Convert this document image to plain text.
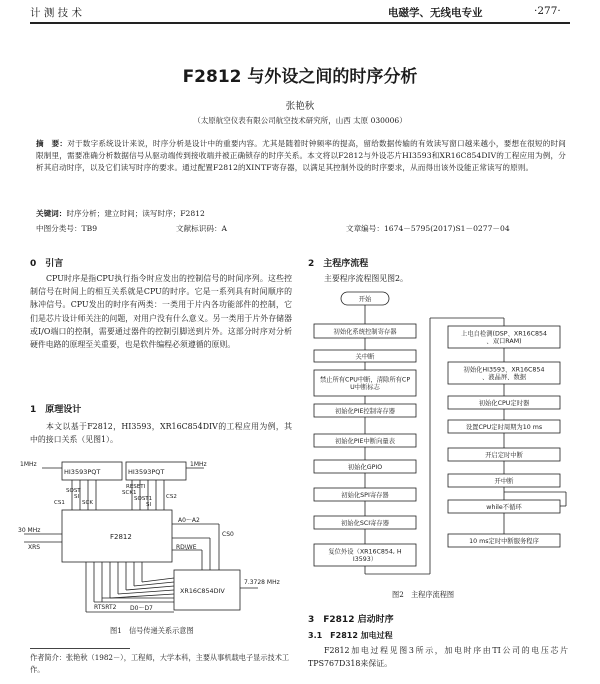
计 测 技 术	电磁学、无线电专业	·277·
F2812 与外设之间的时序分析
张艳秋
（太原航空仪表有限公司航空技术研究所，山西 太原 030006）
摘　要：对于数字系统设计来说，时序分析是设计中的重要内容。尤其是随着时钟频率的提高，留给数据传输的有效读写窗口越来越小，要想在很短的时间限制里，需要准确分析数据信号从驱动端传到接收端并被正确锁存的时序关系。本文将以F2812与外设芯片HI3593和XR16C854DIV的工程应用为例，分析其启动时序，以及它们读写时序的要求。通过配置F2812的XINTF寄存器，以满足其控制外设的时序要求，从而得出该外设能正常读写的原则。
关键词：时序分析；建立时间；读写时序；F2812
中图分类号：TB9	文献标识码：A	文章编号：1674－5795(2017)S1－0277－04
0　引言
CPU时序是指CPU执行指令时应发出的控制信号的时间序列。这些控制信号在时间上的相互关系就是CPU的时序。它是一系列具有时间顺序的脉冲信号。CPU发出的时序有两类：一类用于片内各功能部件的控制，它们是芯片设计师关注的问题，对用户没有什么意义。另一类用于片外存储器或I/O端口的控制，需要通过器件的控制引脚送到片外。这部分时序对分析硬件电路的原理至关重要，也是软件编程必须遵循的原则。
1　原理设计
本文以基于F2812，HI3593，XR16C854DIV的工程应用为例，其中的接口关系（见图1）。
HI3593PQT	HI3593PQT
F2812
XR16C854DIV
1MHz	1MHz
30 MHz
XRS
7.3728 MHz
SOST
SI
SCK
CS1
RESETI
SCK1
SOST1
SI
CS2
A0～A2
RD\WE
CS0
RTSRT2 D0～D7
图1　信号传递关系示意图
作者简介：张艳秋（1982－），工程师，大学本科，主要从事机载电子显示技术工作。
2　主程序流程
主要程序流程图见图2。
开始
初始化系统控制寄存器
关中断
禁止所有CPU中断，清除所有CP
U中断标志
初始化PIE控制寄存器
初始化PIE中断向量表
初始化GPIO
初始化SPI寄存器
初始化SCI寄存器
复位外设（XR16C854, H
I3593）
上电自检测(DSP、XR16C854
、双口RAM)
初始化HI3593、XR16C854
、液晶屏、数据
初始化CPU定时器
设置CPU定时周期为10 ms
开启定时中断
开中断
while不循环
10 ms定时中断服务程序
图2　主程序流程图
3　F2812 启动时序
3.1　F2812 加电过程
F2812加电过程见图3所示，加电时序由TI公司的电压芯片TPS767D318来保证。
